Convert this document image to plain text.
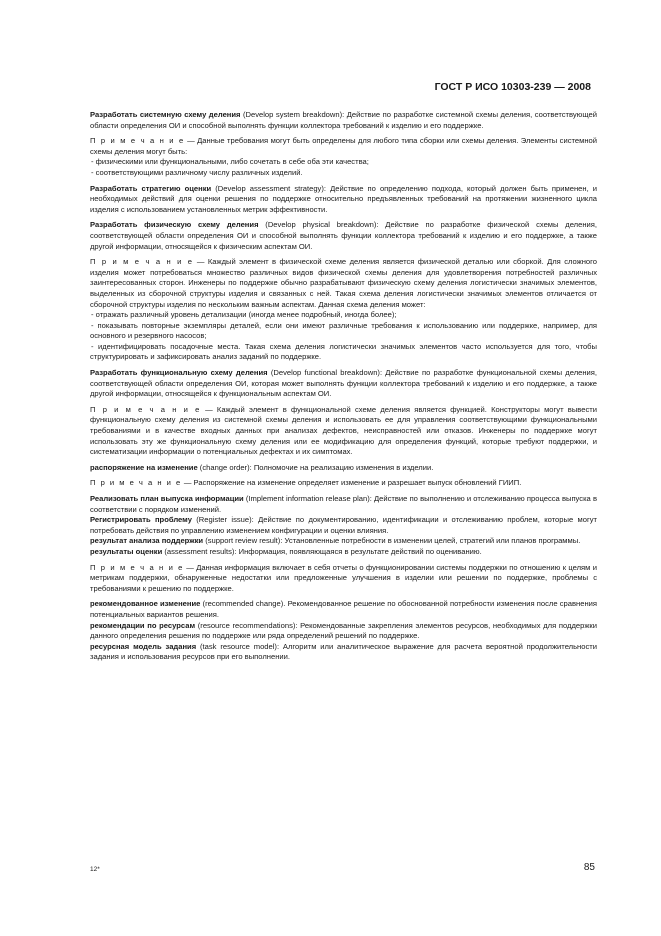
ГОСТ Р ИСО 10303-239 — 2008

Разработать системную схему деления (Develop system breakdown): Действие по разработке системной схемы деления, соответствующей области определения ОИ и способной выполнять функции коллектора требований к изделию и его поддержке.

П р и м е ч а н и е — Данные требования могут быть определены для любого типа сборки или схемы деления. Элементы системной схемы деления могут быть:

- физическими или функциональными, либо сочетать в себе оба эти качества;

- соответствующими различному числу различных изделий.

Разработать стратегию оценки (Develop assessment strategy): Действие по определению подхода, который должен быть применен, и необходимых действий для оценки решения по поддержке относительно предъявленных требований на протяжении жизненного цикла изделия с использованием установленных метрик эффективности.

Разработать физическую схему деления (Develop physical breakdown): Действие по разработке физической схемы деления, соответствующей области определения ОИ и способной выполнять функции коллектора требований к изделию и его поддержке, а также другой информации, относящейся к физическим аспектам ОИ.

П р и м е ч а н и е — Каждый элемент в физической схеме деления является физической деталью или сборкой. Для сложного изделия может потребоваться множество различных видов физической схемы деления для удовлетворения потребностей различных заинтересованных сторон. Инженеры по поддержке обычно разрабатывают физическую схему деления логистически значимых элементов, выделенных из сборочной структуры изделия и связанных с ней. Такая схема деления логистически значимых элементов отличается от сборочной структуры изделия по нескольким важным аспектам. Данная схема деления может:

- отражать различный уровень детализации (иногда менее подробный, иногда более);

- показывать повторные экземпляры деталей, если они имеют различные требования к использованию или поддержке, например, для основного и резервного насосов;

- идентифицировать посадочные места. Такая схема деления логистически значимых элементов часто используется для того, чтобы структурировать и зафиксировать анализ заданий по поддержке.

Разработать функциональную схему деления (Develop functional breakdown): Действие по разработке функциональной схемы деления, соответствующей области определения ОИ, которая может выполнять функции коллектора требований к изделию и его поддержке, а также другой информации, относящейся к функциональным аспектам ОИ.

П р и м е ч а н и е — Каждый элемент в функциональной схеме деления является функцией. Конструкторы могут вывести функциональную схему деления из системной схемы деления и использовать ее для управления соответствующими функциональными требованиями и в качестве входных данных при анализах дефектов, неисправностей или отказов. Инженеры по поддержке могут использовать эту же функциональную схему деления или ее модификацию для определения функций, которые требуют поддержки, и систематизации информации о потенциальных дефектах и их симптомах.

распоряжение на изменение (change order): Полномочие на реализацию изменения в изделии.

П р и м е ч а н и е — Распоряжение на изменение определяет изменение и разрешает выпуск обновлений ГИИП.

Реализовать план выпуска информации (Implement information release plan): Действие по выполнению и отслеживанию процесса выпуска в соответствии с порядком изменений.

Регистрировать проблему (Register issue): Действие по документированию, идентификации и отслеживанию проблем, которые могут потребовать действия по управлению изменением конфигурации и оценки влияния.

результат анализа поддержки (support review result): Установленные потребности в изменении целей, стратегий или планов программы.

результаты оценки (assessment results): Информация, появляющаяся в результате действий по оцениванию.

П р и м е ч а н и е — Данная информация включает в себя отчеты о функционировании системы поддержки по отношению к целям и метрикам поддержки, обнаруженные недостатки или предложенные улучшения в изделии или решении по поддержке, проблемы с требованиями к решению по поддержке.

рекомендованное изменение (recommended change). Рекомендованное решение по обоснованной потребности изменения после сравнения потенциальных вариантов решения.

рекомендации по ресурсам (resource recommendations): Рекомендованные закрепления элементов ресурсов, необходимых для поддержки данного определения решения по поддержке или ряда определений решений по поддержке.

ресурсная модель задания (task resource model): Алгоритм или аналитическое выражение для расчета вероятной продолжительности задания и использования ресурсов при его выполнении.

12*	85
